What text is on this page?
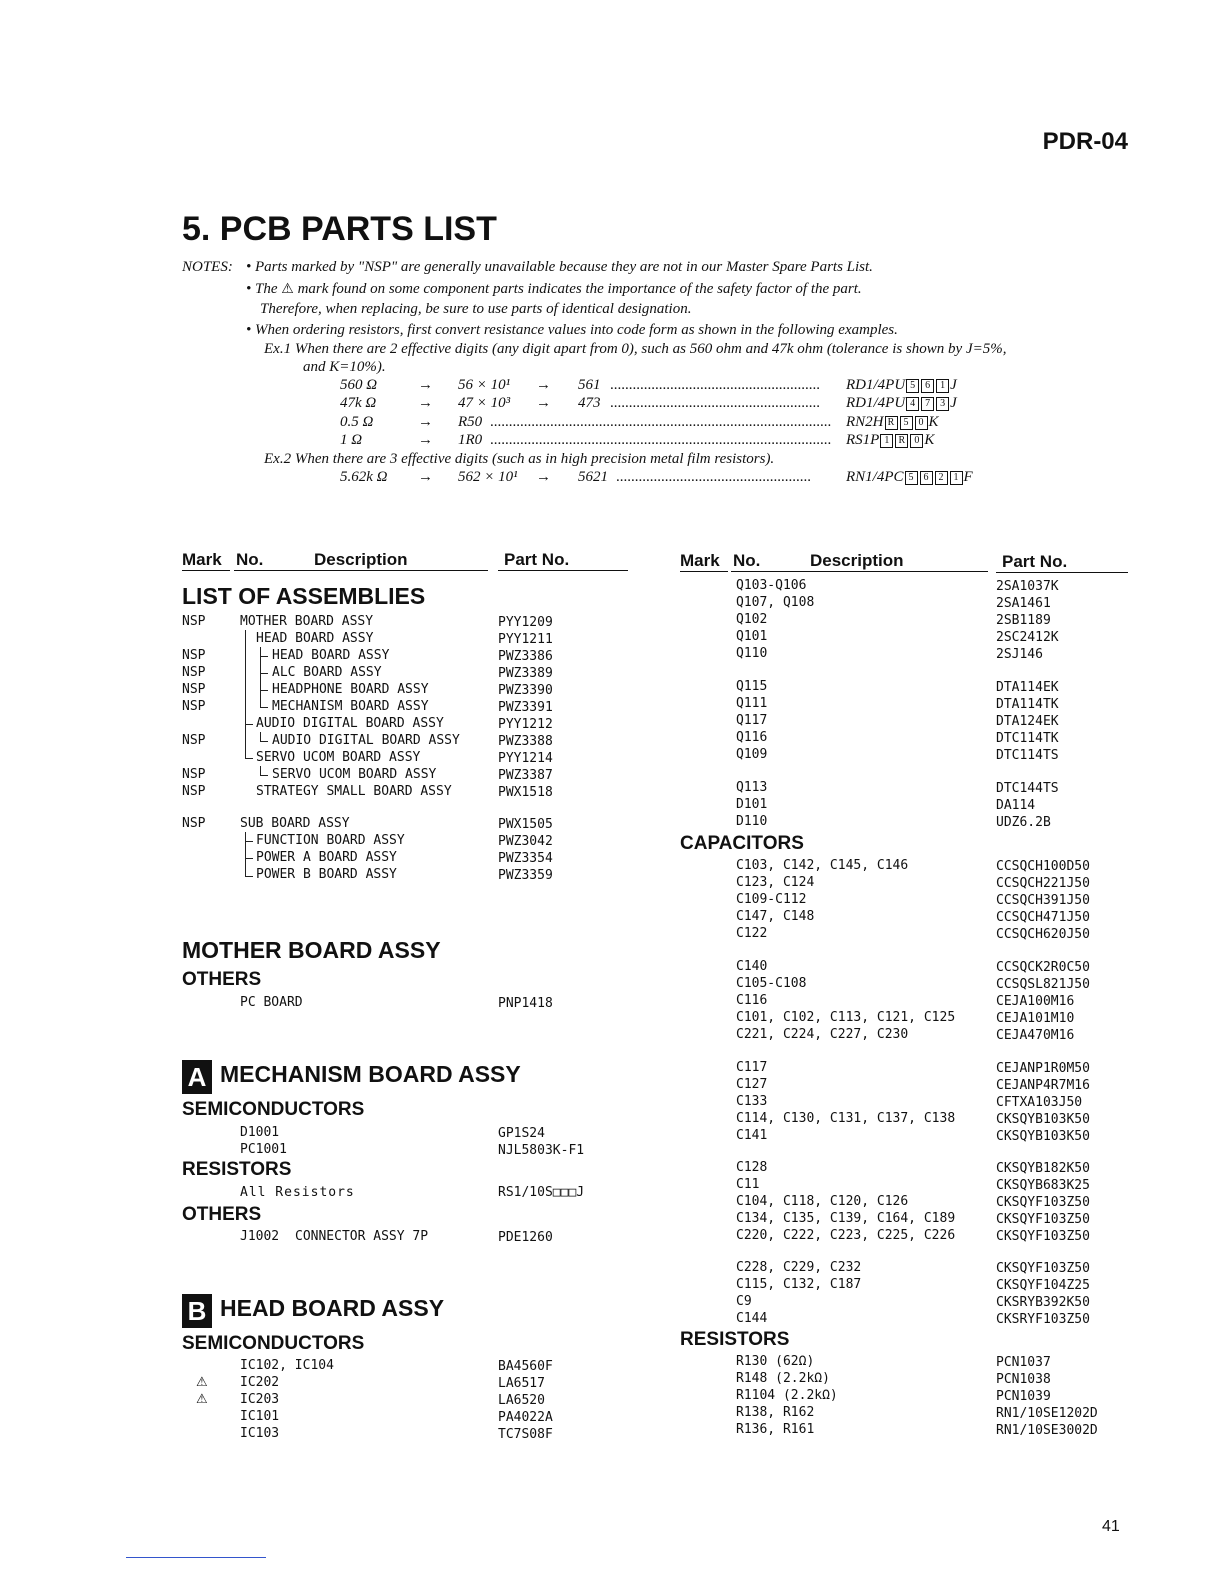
PDR-04
5. PCB PARTS LIST
NOTES: • Parts marked by "NSP" are generally unavailable because they are not in our Master Spare Parts List.
• The ⚠ mark found on some component parts indicates the importance of the safety factor of the part.
Therefore, when replacing, be sure to use parts of identical designation.
• When ordering resistors, first convert resistance values into code form as shown in the following examples.
Ex.1 When there are 2 effective digits (any digit apart from 0), such as 560 ohm and 47k ohm (tolerance is shown by J=5%,
and K=10%).
560 Ω	→ 56 × 10¹ → 561 ........................................................	RD1/4PU 5 6 1 J
47k Ω	→ 47 × 10³ → 473 ........................................................	RD1/4PU 4 7 3 J
0.5 Ω	→ R50 ........................................................................................... RN2H R 5 0 K
1 Ω	→ 1R0 ........................................................................................... RS1P 1 R 0 K
Ex.2 When there are 3 effective digits (such as in high precision metal film resistors).
5.62k Ω → 562 × 10¹ → 5621 ....................................................	RN1/4PC 5 6 2 1 F
Mark No.	Description	Part No.	Mark No.	Description	Part No.
LIST OF ASSEMBLIES
NSP	MOTHER BOARD ASSY	PYY1209
HEAD BOARD ASSY	PYY1211
NSP	HEAD BOARD ASSY	PWZ3386
NSP	ALC BOARD ASSY	PWZ3389
NSP	HEADPHONE BOARD ASSY	PWZ3390
NSP	MECHANISM BOARD ASSY	PWZ3391
AUDIO DIGITAL BOARD ASSY	PYY1212
NSP	AUDIO DIGITAL BOARD ASSY	PWZ3388
SERVO UCOM BOARD ASSY	PYY1214
NSP	SERVO UCOM BOARD ASSY	PWZ3387
NSP	STRATEGY SMALL BOARD ASSY	PWX1518
NSP	SUB BOARD ASSY	PWX1505
FUNCTION BOARD ASSY	PWZ3042
POWER A BOARD ASSY	PWZ3354
POWER B BOARD ASSY	PWZ3359
MOTHER BOARD ASSY
OTHERS
PC BOARD	PNP1418
A MECHANISM BOARD ASSY
SEMICONDUCTORS
D1001	GP1S24
PC1001	NJL5803K-F1
RESISTORS
All Resistors	RS1/10S□□□J
OTHERS
J1002 CONNECTOR ASSY 7P	PDE1260
B HEAD BOARD ASSY
SEMICONDUCTORS
IC102, IC104	BA4560F
⚠ IC202	LA6517
⚠ IC203	LA6520
IC101	PA4022A
IC103	TC7S08F
Q103-Q106	2SA1037K
Q107, Q108	2SA1461
Q102	2SB1189
Q101	2SC2412K
Q110	2SJ146
Q115	DTA114EK
Q111	DTA114TK
Q117	DTA124EK
Q116	DTC114TK
Q109	DTC114TS
Q113	DTC144TS
D101	DA114
D110	UDZ6.2B
CAPACITORS
C103, C142, C145, C146	CCSQCH100D50
C123, C124	CCSQCH221J50
C109-C112	CCSQCH391J50
C147, C148	CCSQCH471J50
C122	CCSQCH620J50
C140	CCSQCK2R0C50
C105-C108	CCSQSL821J50
C116	CEJA100M16
C101, C102, C113, C121, C125	CEJA101M10
C221, C224, C227, C230	CEJA470M16
C117	CEJANP1R0M50
C127	CEJANP4R7M16
C133	CFTXA103J50
C114, C130, C131, C137, C138	CKSQYB103K50
C141	CKSQYB103K50
C128	CKSQYB182K50
C11	CKSQYB683K25
C104, C118, C120, C126	CKSQYF103Z50
C134, C135, C139, C164, C189	CKSQYF103Z50
C220, C222, C223, C225, C226	CKSQYF103Z50
C228, C229, C232	CKSQYF103Z50
C115, C132, C187	CKSQYF104Z25
C9	CKSRYB392K50
C144	CKSRYF103Z50
RESISTORS
R130 (62Ω)	PCN1037
R148 (2.2kΩ)	PCN1038
R1104 (2.2kΩ)	PCN1039
R138, R162	RN1/10SE1202D
R136, R161	RN1/10SE3002D
41
